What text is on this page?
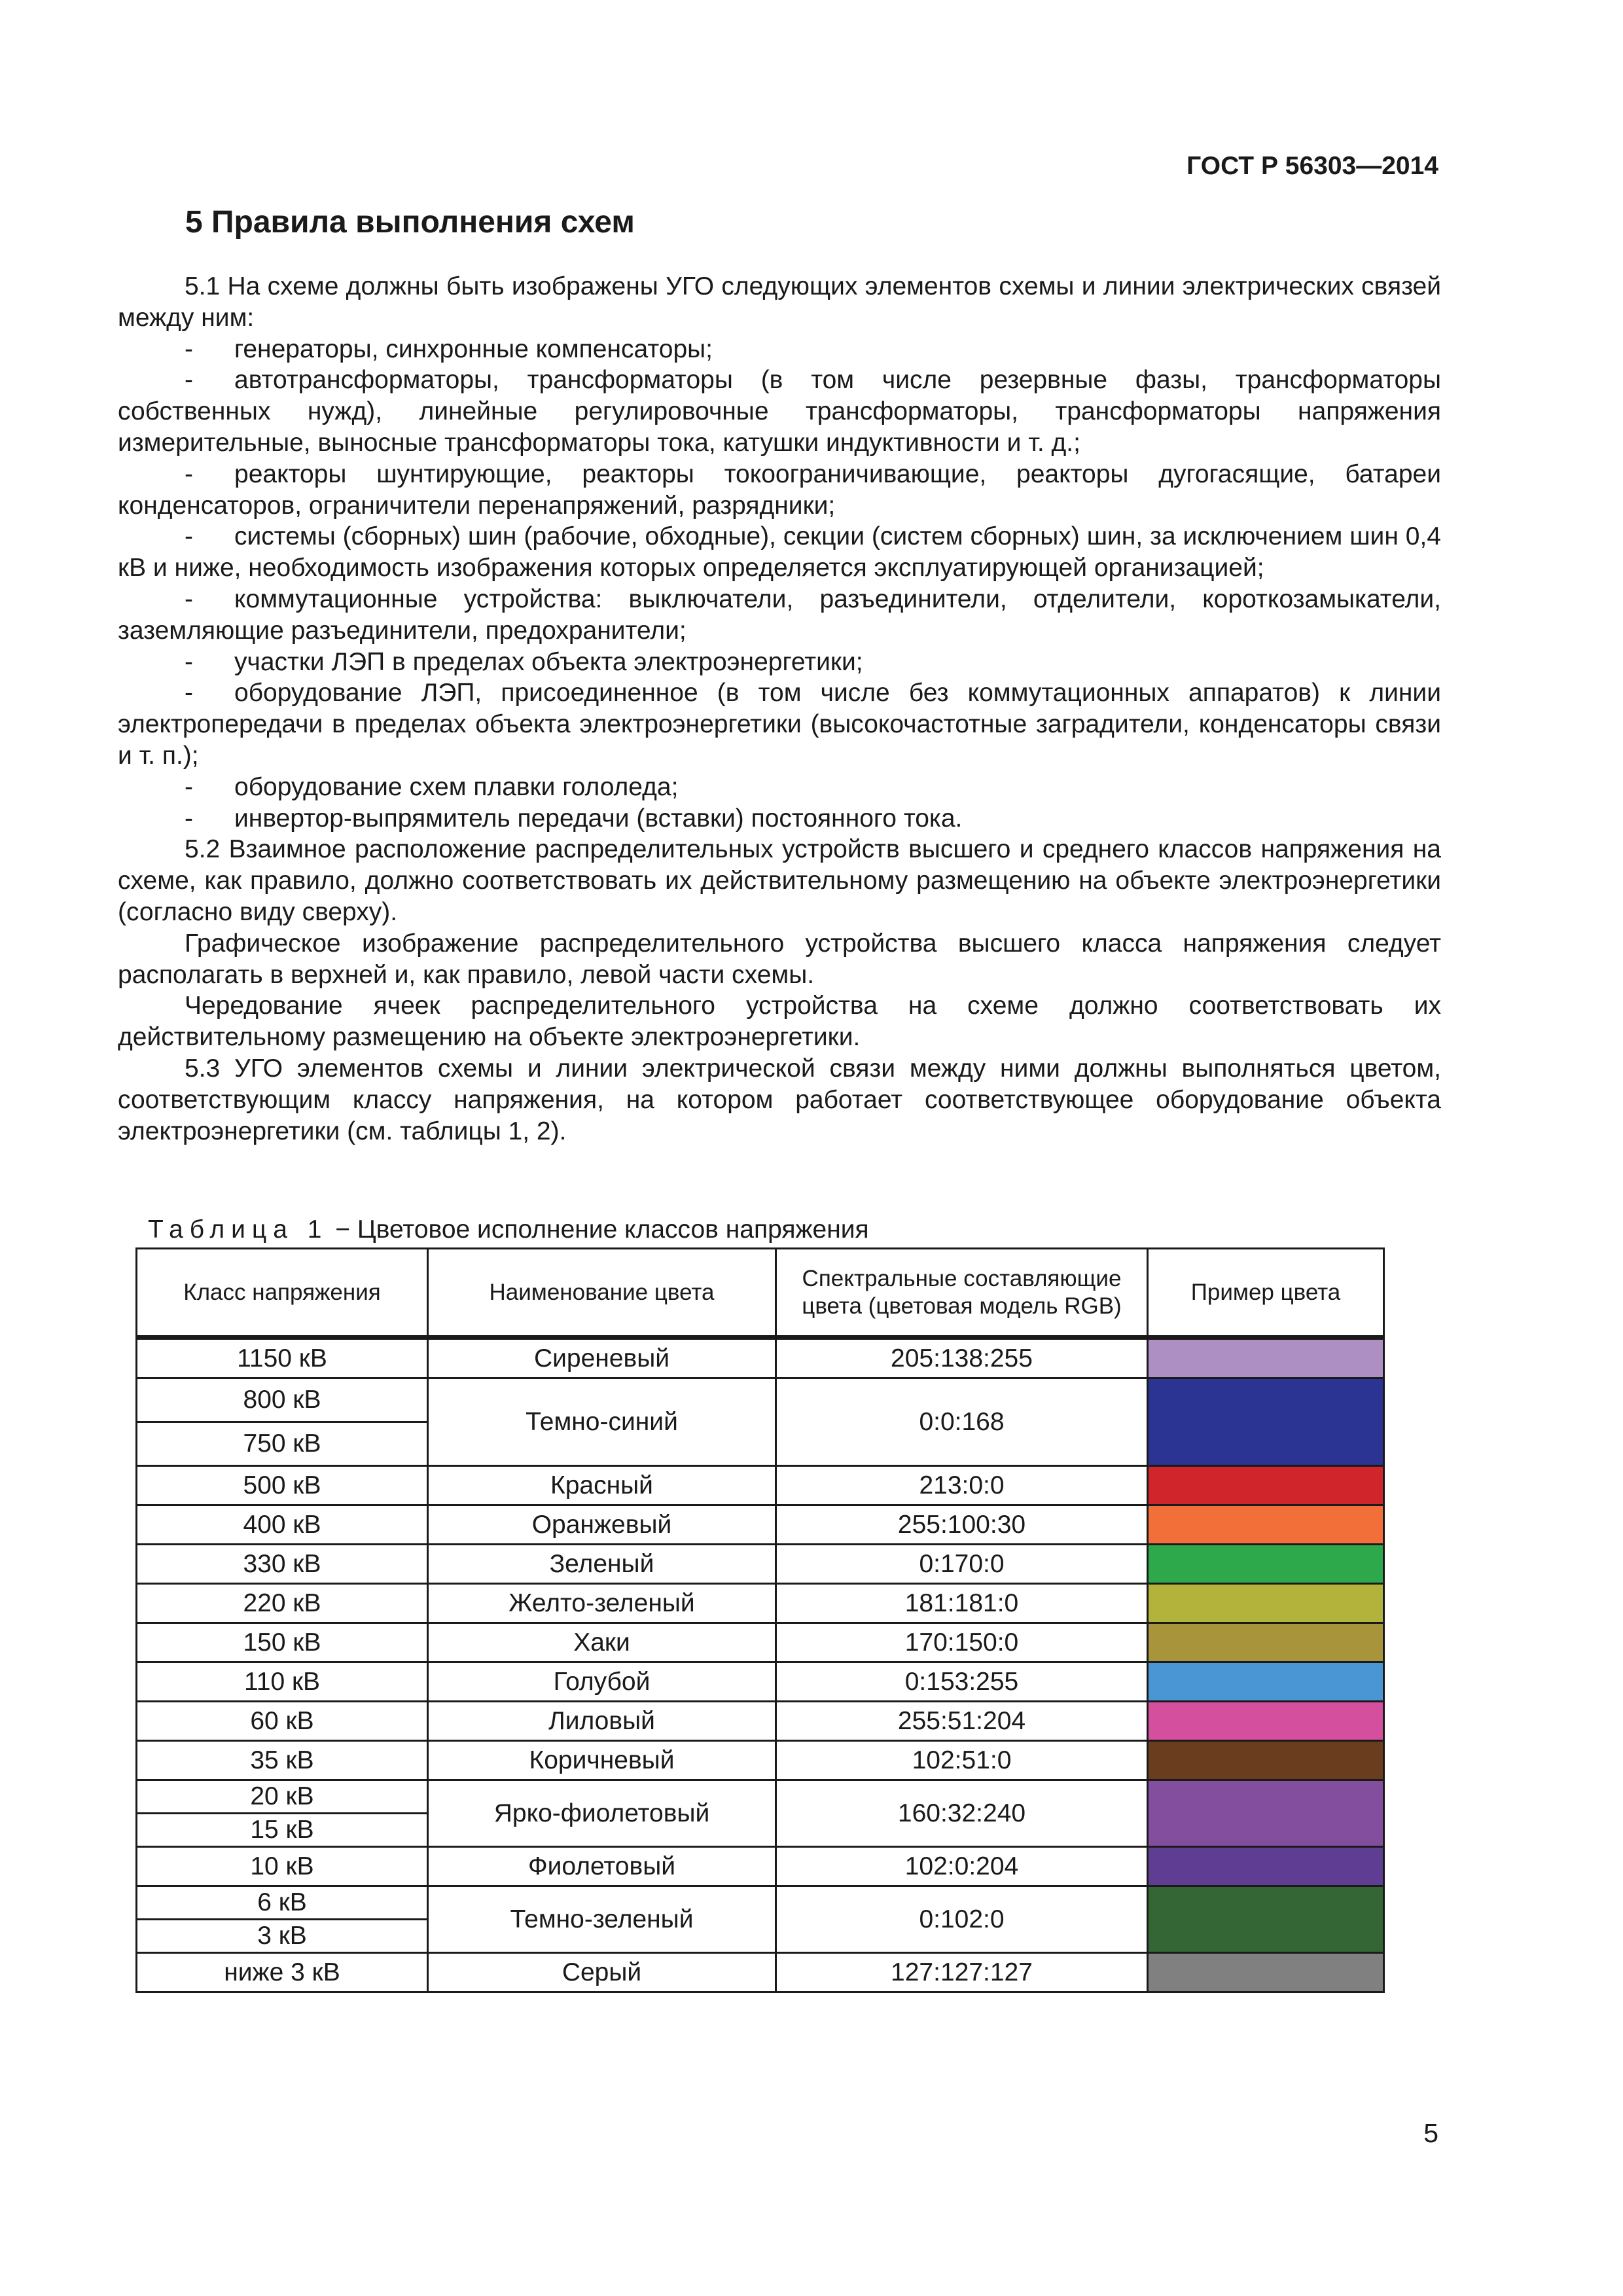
ГОСТ Р 56303—2014
5 Правила выполнения схем

5.1 На схеме должны быть изображены УГО следующих элементов схемы и линии электрических связей между ним:

- генераторы, синхронные компенсаторы;

- автотрансформаторы, трансформаторы (в том числе резервные фазы, трансформаторы собственных нужд), линейные регулировочные трансформаторы, трансформаторы напряжения измерительные, выносные трансформаторы тока, катушки индуктивности и т. д.;

- реакторы шунтирующие, реакторы токоограничивающие, реакторы дугогасящие, батареи конденсаторов, ограничители перенапряжений, разрядники;

- системы (сборных) шин (рабочие, обходные), секции (систем сборных) шин, за исключением шин 0,4 кВ и ниже, необходимость изображения которых определяется эксплуатирующей организацией;

- коммутационные устройства: выключатели, разъединители, отделители, короткозамыкатели, заземляющие разъединители, предохранители;

- участки ЛЭП в пределах объекта электроэнергетики;

- оборудование ЛЭП, присоединенное (в том числе без коммутационных аппаратов) к линии электропередачи в пределах объекта электроэнергетики (высокочастотные заградители, конденсаторы связи и т. п.);

- оборудование схем плавки гололеда;

- инвертор-выпрямитель передачи (вставки) постоянного тока.

5.2 Взаимное расположение распределительных устройств высшего и среднего классов напряжения на схеме, как правило, должно соответствовать их действительному размещению на объекте электроэнергетики (согласно виду сверху).

Графическое изображение распределительного устройства высшего класса напряжения следует располагать в верхней и, как правило, левой части схемы.

Чередование ячеек распределительного устройства на схеме должно соответствовать их действительному размещению на объекте электроэнергетики.

5.3 УГО элементов схемы и линии электрической связи между ними должны выполняться цветом, соответствующим классу напряжения, на котором работает соответствующее оборудование объекта электроэнергетики (см. таблицы 1, 2).

Таблица 1 − Цветовое исполнение классов напряжения
Класс напряжения	Наименование цвета	Спектральные составляющие цвета (цветовая модель RGB)	Пример цвета
1150 кВ	Сиреневый	205:138:255	
800 кВ	Темно-синий	0:0:168	
750 кВ			
500 кВ	Красный	213:0:0	
400 кВ	Оранжевый	255:100:30	
330 кВ	Зеленый	0:170:0	
220 кВ	Желто-зеленый	181:181:0	
150 кВ	Хаки	170:150:0	
110 кВ	Голубой	0:153:255	
60 кВ	Лиловый	255:51:204	
35 кВ	Коричневый	102:51:0	
20 кВ	Ярко-фиолетовый	160:32:240	
15 кВ			
10 кВ	Фиолетовый	102:0:204	
6 кВ	Темно-зеленый	0:102:0	
3 кВ			
ниже 3 кВ	Серый	127:127:127	
5
